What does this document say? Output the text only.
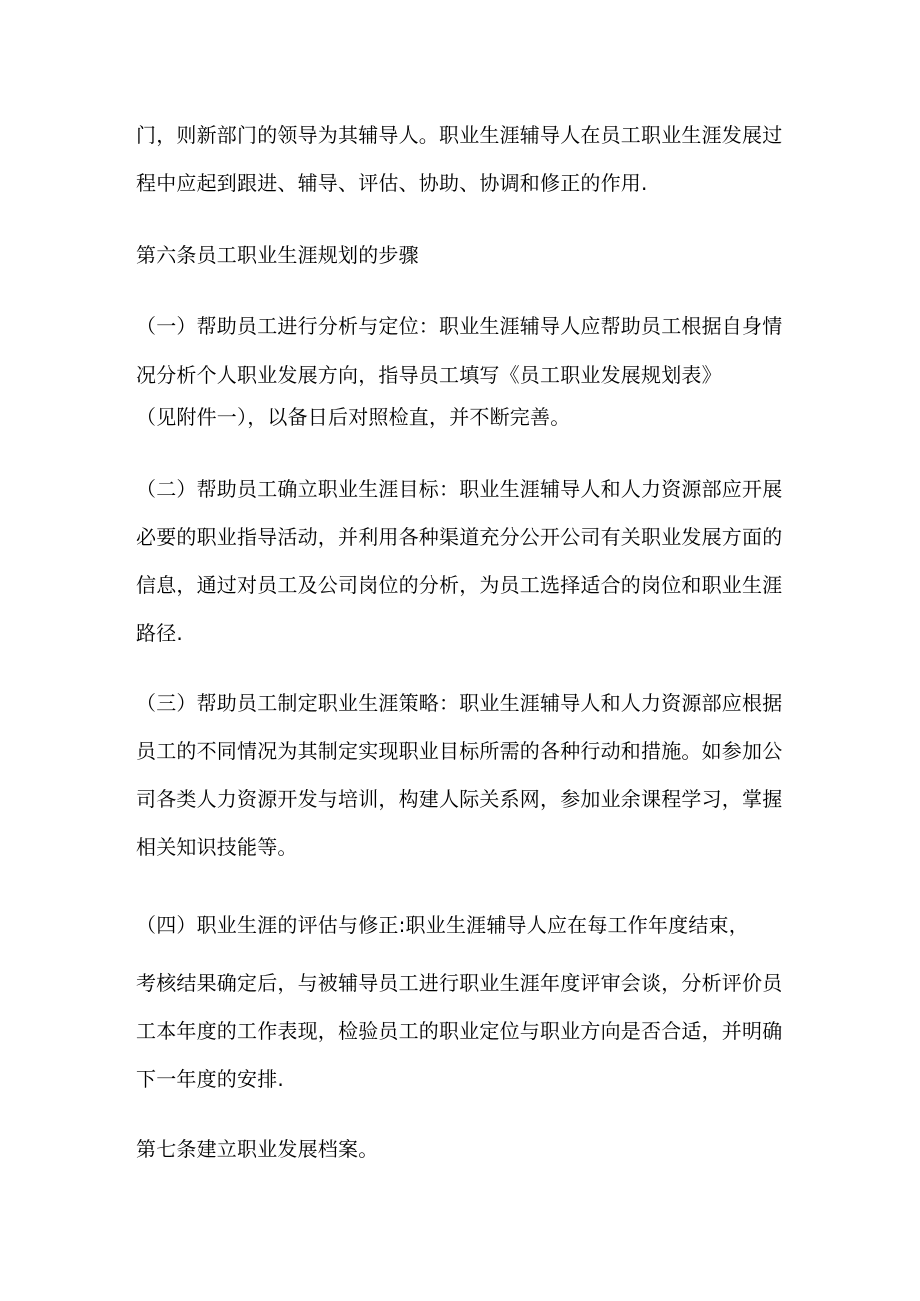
门，则新部门的领导为其辅导人。职业生涯辅导人在员工职业生涯发展过
程中应起到跟进、辅导、评估、协助、协调和修正的作用.
第六条员工职业生涯规划的步骤
（一）帮助员工进行分析与定位：职业生涯辅导人应帮助员工根据自身情
况分析个人职业发展方向，指导员工填写《员工职业发展规划表》
（见附件一），以备日后对照检直，并不断完善。
（二）帮助员工确立职业生涯目标：职业生涯辅导人和人力资源部应开展
必要的职业指导活动，并利用各种渠道充分公开公司有关职业发展方面的
信息，通过对员工及公司岗位的分析，为员工选择适合的岗位和职业生涯
路径.
（三）帮助员工制定职业生涯策略：职业生涯辅导人和人力资源部应根据
员工的不同情况为其制定实现职业目标所需的各种行动和措施。如参加公
司各类人力资源开发与培训，构建人际关系网，参加业余课程学习，掌握
相关知识技能等。
（四）职业生涯的评估与修正:职业生涯辅导人应在每工作年度结束，
考核结果确定后，与被辅导员工进行职业生涯年度评审会谈，分析评价员
工本年度的工作表现，检验员工的职业定位与职业方向是否合适，并明确
下一年度的安排.
第七条建立职业发展档案。
